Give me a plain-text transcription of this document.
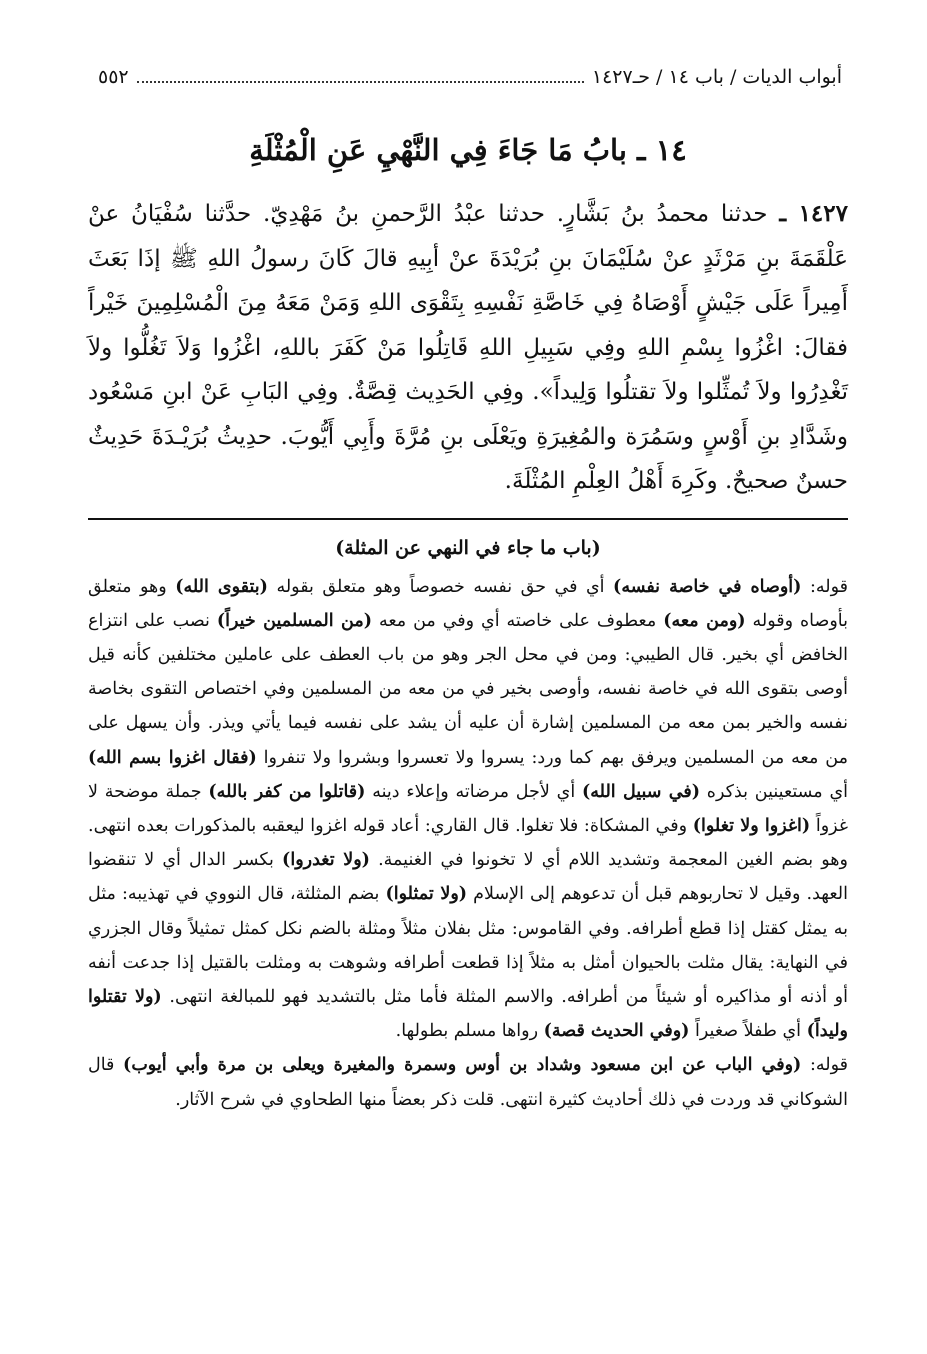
أبواب الديات / باب ١٤ / حـ١٤٢٧
٥٥٢
١٤ ـ بابُ مَا جَاءَ فِي النَّهْيِ عَنِ الْمُثْلَةِ
١٤٢٧ ـ حدثنا محمدُ بنُ بَشَّارٍ. حدثنا عبْدُ الرَّحمنِ بنُ مَهْدِيّ. حدَّثنا سُفْيَانُ عنْ عَلْقَمَةَ بنِ مَرْثَدٍ عنْ سُلَيْمَانَ بنِ بُرَيْدَةَ عنْ أبِيهِ قالَ كَانَ رسولُ اللهِ ﷺ إذَا بَعَثَ أَمِيراً عَلَى جَيْشٍ أَوْصَاهُ فِي خَاصَّةِ نَفْسِهِ بِتَقْوَى اللهِ وَمَنْ مَعَهُ مِنَ الْمُسْلِمِينَ خَيْراً فقالَ: اغْزُوا بِسْمِ اللهِ وفِي سَبِيلِ اللهِ قَاتِلُوا مَنْ كَفَرَ باللهِ، اغْزُوا وَلاَ تَغُلُّوا ولاَ تَغْدِرُوا ولاَ تُمثِّلوا ولاَ تقتلُوا وَلِيداً». وفِي الحَدِيث قِصَّةٌ. وفِي البَابِ عَنْ ابنِ مَسْعُود وشَدَّادِ بنِ أَوْسٍ وسَمُرَة والمُغِيرَةِ ويَعْلَى بنِ مُرَّةَ وأَبِي أَيُّوبَ. حدِيثُ بُرَيْـدَةَ حَدِيثٌ حسنٌ صحيحٌ. وكَرِهَ أَهْلُ العِلْمِ المُثْلَةَ.
(باب ما جاء في النهي عن المثلة)

قوله: (أوصاه في خاصة نفسه) أي في حق نفسه خصوصاً وهو متعلق بقوله (بتقوى الله) وهو متعلق بأوصاه وقوله (ومن معه) معطوف على خاصته أي وفي من معه (من المسلمين خيراً) نصب على انتزاع الخافض أي بخير. قال الطيبي: ومن في محل الجر وهو من باب العطف على عاملين مختلفين كأنه قيل أوصى بتقوى الله في خاصة نفسه، وأوصى بخير في من معه من المسلمين وفي اختصاص التقوى بخاصة نفسه والخير بمن معه من المسلمين إشارة أن عليه أن يشد على نفسه فيما يأتي ويذر. وأن يسهل على من معه من المسلمين ويرفق بهم كما ورد: يسروا ولا تعسروا وبشروا ولا تنفروا (فقال اغزوا بسم الله) أي مستعينين بذكره (في سبيل الله) أي لأجل مرضاته وإعلاء دينه (قاتلوا من كفر بالله) جملة موضحة لا غزواً (اغزوا ولا تغلوا) وفي المشكاة: فلا تغلوا. قال القاري: أعاد قوله اغزوا ليعقبه بالمذكورات بعده انتهى. وهو بضم الغين المعجمة وتشديد اللام أي لا تخونوا في الغنيمة. (ولا تغدروا) بكسر الدال أي لا تنقضوا العهد. وقيل لا تحاربوهم قبل أن تدعوهم إلى الإسلام (ولا تمثلوا) بضم المثلثة، قال النووي في تهذيبه: مثل به يمثل كقتل إذا قطع أطرافه. وفي القاموس: مثل بفلان مثلاً ومثلة بالضم نكل كمثل تمثيلاً وقال الجزري في النهاية: يقال مثلت بالحيوان أمثل به مثلاً إذا قطعت أطرافه وشوهت به ومثلت بالقتيل إذا جدعت أنفه أو أذنه أو مذاكيره أو شيئاً من أطرافه. والاسم المثلة فأما مثل بالتشديد فهو للمبالغة انتهى. (ولا تقتلوا وليداً) أي طفلاً صغيراً (وفي الحديث قصة) رواها مسلم بطولها.

قوله: (وفي الباب عن ابن مسعود وشداد بن أوس وسمرة والمغيرة ويعلى بن مرة وأبي أيوب) قال الشوكاني قد وردت في ذلك أحاديث كثيرة انتهى. قلت ذكر بعضاً منها الطحاوي في شرح الآثار.
